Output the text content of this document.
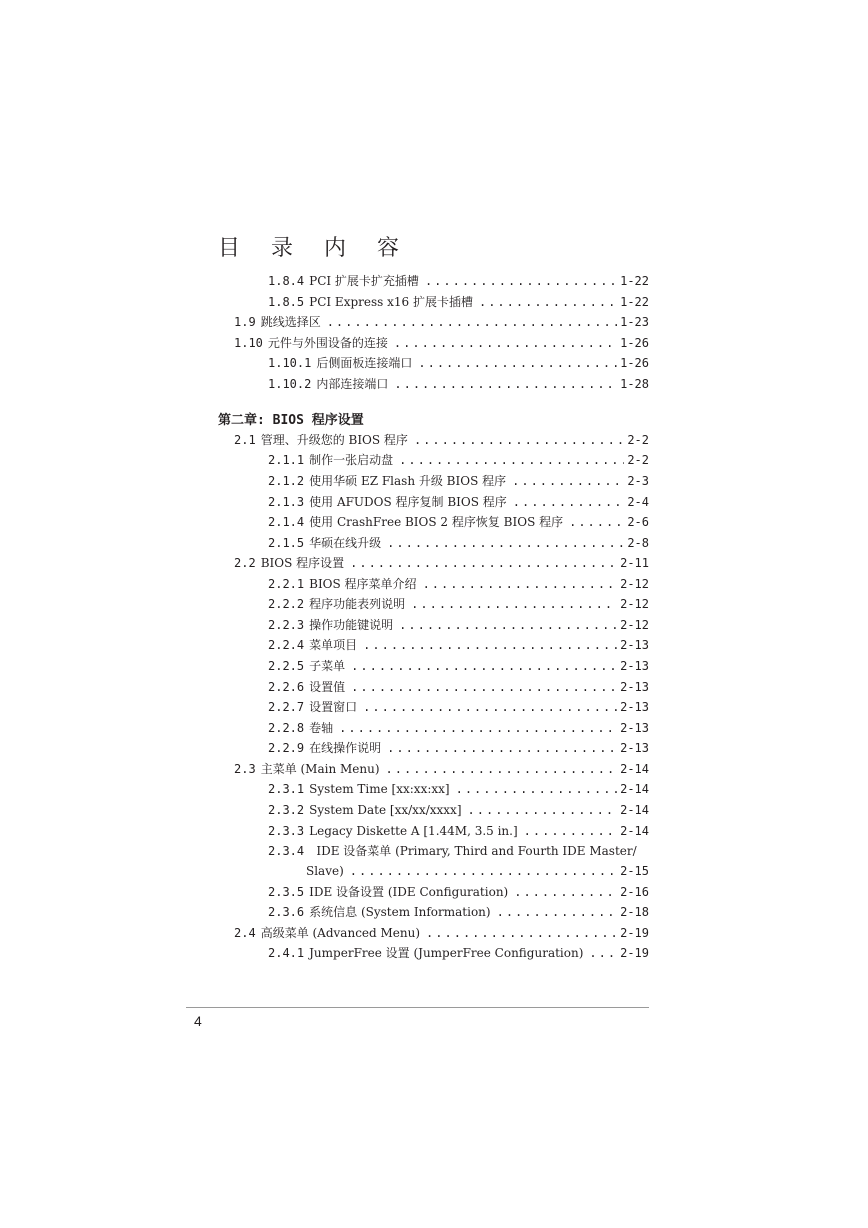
目 录 内 容
1.8.4 PCI 扩展卡扩充插槽 .....	1-22
1.8.5 PCI Express x16 扩展卡插槽 .....	1-22
1.9 跳线选择区 .....	1-23
1.10 元件与外围设备的连接 .....	1-26
1.10.1 后侧面板连接端口 .....	1-26
1.10.2 内部连接端口 .....	1-28
第二章: BIOS 程序设置
2.1 管理、升级您的 BIOS 程序 .....	2-2
2.1.1 制作一张启动盘 .....	2-2
2.1.2 使用华硕 EZ Flash 升级 BIOS 程序 .....	2-3
2.1.3 使用 AFUDOS 程序复制 BIOS 程序 .....	2-4
2.1.4 使用 CrashFree BIOS 2 程序恢复 BIOS 程序 .....	2-6
2.1.5 华硕在线升级 .....	2-8
2.2 BIOS 程序设置 .....	2-11
2.2.1 BIOS 程序菜单介绍 .....	2-12
2.2.2 程序功能表列说明 .....	2-12
2.2.3 操作功能键说明 .....	2-12
2.2.4 菜单项目 .....	2-13
2.2.5 子菜单 .....	2-13
2.2.6 设置值 .....	2-13
2.2.7 设置窗口 .....	2-13
2.2.8 卷轴 .....	2-13
2.2.9 在线操作说明 .....	2-13
2.3 主菜单 (Main Menu) .....	2-14
2.3.1 System Time [xx:xx:xx] .....	2-14
2.3.2 System Date [xx/xx/xxxx] .....	2-14
2.3.3 Legacy Diskette A [1.44M, 3.5 in.] .....	2-14
2.3.4 IDE 设备菜单 (Primary, Third and Fourth IDE Master/
Slave) .....	2-15
2.3.5 IDE 设备设置 (IDE Configuration) .....	2-16
2.3.6 系统信息 (System Information) .....	2-18
2.4 高级菜单 (Advanced Menu) .....	2-19
2.4.1 JumperFree 设置 (JumperFree Configuration) .....	2-19
4
